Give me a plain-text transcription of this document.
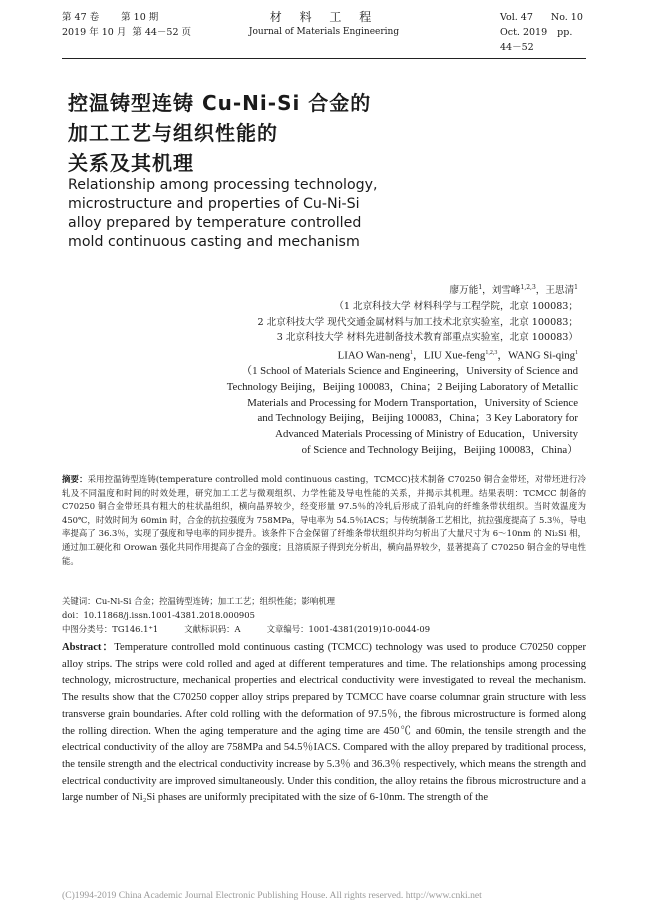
第 47 卷 第 10 期
2019 年 10 月 第 44－52 页
材 料 工 程
Journal of Materials Engineering
Vol. 47 No. 10
Oct. 2019 pp. 44－52
控温铸型连铸 Cu-Ni-Si 合金的
加工工艺与组织性能的
关系及其机理
Relationship among processing technology,
microstructure and properties of Cu-Ni-Si
alloy prepared by temperature controlled
mold continuous casting and mechanism
廖万能$^1$，刘雪峰$^{1,2,3}$，王思清$^1$
（1 北京科技大学 材料科学与工程学院，北京 100083；
2 北京科技大学 现代交通金属材料与加工技术北京实验室，北京 100083；
3 北京科技大学 材料先进制备技术教育部重点实验室，北京 100083）
LIAO Wan-neng$^1$，LIU Xue-feng$^{1,2,3}$，WANG Si-qing$^1$
（1 School of Materials Science and Engineering，University of Science and
Technology Beijing，Beijing 100083，China；2 Beijing Laboratory of Metallic
Materials and Processing for Modern Transportation，University of Science
and Technology Beijing，Beijing 100083，China；3 Key Laboratory for
Advanced Materials Processing of Ministry of Education，University
of Science and Technology Beijing，Beijing 100083，China）
摘要：采用控温铸型连铸(temperature controlled mold continuous casting，TCMCC)技术制备 C70250 铜合金带坯，对带坯进行冷轧及不同温度和时间的时效处理，研究加工工艺与微观组织、力学性能及导电性能的关系，并揭示其机理。结果表明：TCMCC 制备的 C70250 铜合金带坯具有粗大的柱状晶组织，横向晶界较少，经变形量 97.5％的冷轧后形成了沿轧向的纤维条带状组织。当时效温度为 450℃，时效时间为 60min 时，合金的抗拉强度为 758MPa，导电率为 54.5％IACS；与传统制备工艺相比，抗拉强度提高了 5.3％，导电率提高了 36.3％，实现了强度和导电率的同步提升。该条件下合金保留了纤维条带状组织并均匀析出了大量尺寸为 6～10nm 的 Ni₂Si 相，通过加工硬化和 Orowan 强化共同作用提高了合金的强度；且溶质原子得到充分析出，横向晶界较少，显著提高了 C70250 铜合金的导电性能。
关键词：Cu-Ni-Si 合金；控温铸型连铸；加工工艺；组织性能；影响机理
doi：10.11868/j.issn.1001-4381.2018.000905
中图分类号：TG146.1⁺1	文献标识码：A	文章编号：1001-4381(2019)10-0044-09
Abstract：Temperature controlled mold continuous casting (TCMCC) technology was used to produce C70250 copper alloy strips. The strips were cold rolled and aged at different temperatures and time. The relationships among processing technology, microstructure, mechanical properties and electrical conductivity were investigated to reveal the mechanism. The results show that the C70250 copper alloy strips prepared by TCMCC have coarse columnar grain structure with less transverse grain boundaries. After cold rolling with the deformation of 97.5％, the fibrous microstructure is formed along the rolling direction. When the aging temperature and the aging time are 450℃ and 60min, the tensile strength and the electrical conductivity of the alloy are 758MPa and 54.5％IACS. Compared with the alloy prepared by traditional process, the tensile strength and the electrical conductivity increase by 5.3％ and 36.3％ respectively, which means the strength and electrical conductivity are improved simultaneously. Under this condition, the alloy retains the fibrous microstructure and a large number of Ni₂Si phases are uniformly precipitated with the size of 6-10nm. The strength of the
(C)1994-2019 China Academic Journal Electronic Publishing House. All rights reserved. http://www.cnki.net
